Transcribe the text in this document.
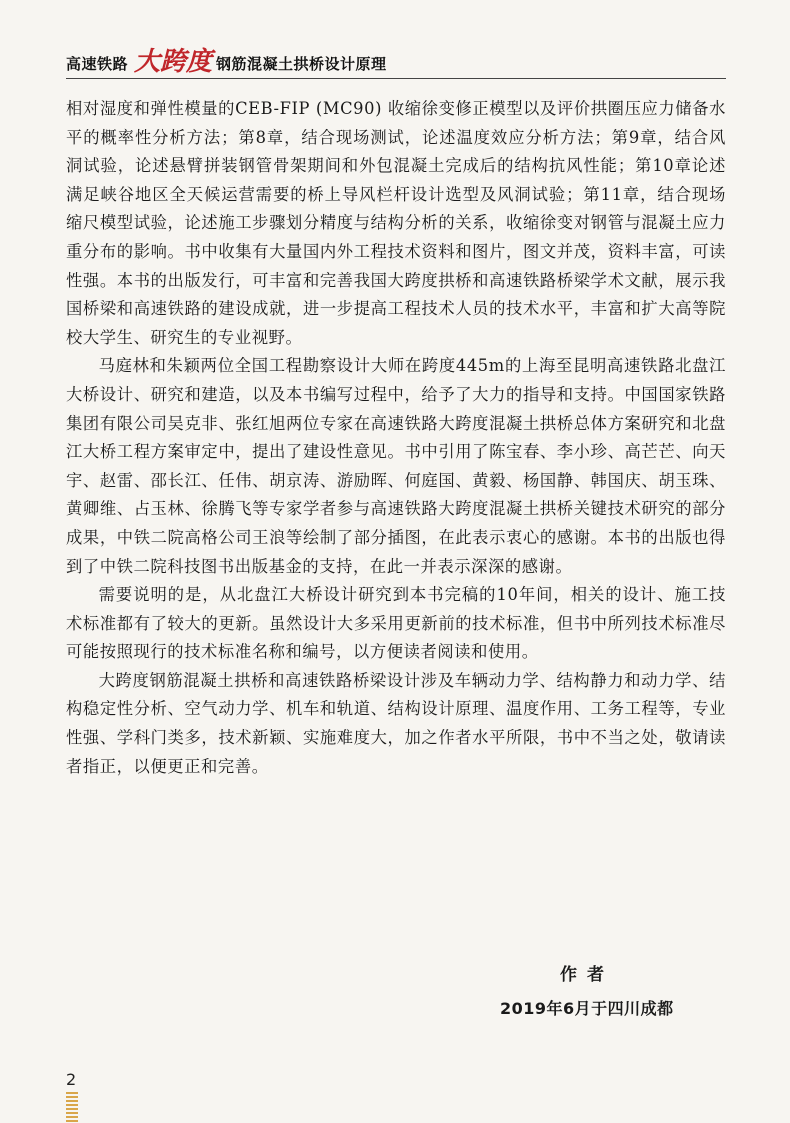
高速铁路 大跨度 钢筋混凝土拱桥设计原理

相对湿度和弹性模量的CEB-FIP (MC90) 收缩徐变修正模型以及评价拱圈压应力储备水平的概率性分析方法；第8章，结合现场测试，论述温度效应分析方法；第9章，结合风洞试验，论述悬臂拼装钢管骨架期间和外包混凝土完成后的结构抗风性能；第10章论述满足峡谷地区全天候运营需要的桥上导风栏杆设计选型及风洞试验；第11章，结合现场缩尺模型试验，论述施工步骤划分精度与结构分析的关系，收缩徐变对钢管与混凝土应力重分布的影响。书中收集有大量国内外工程技术资料和图片，图文并茂，资料丰富，可读性强。本书的出版发行，可丰富和完善我国大跨度拱桥和高速铁路桥梁学术文献，展示我国桥梁和高速铁路的建设成就，进一步提高工程技术人员的技术水平，丰富和扩大高等院校大学生、研究生的专业视野。

马庭林和朱颖两位全国工程勘察设计大师在跨度445m的上海至昆明高速铁路北盘江大桥设计、研究和建造，以及本书编写过程中，给予了大力的指导和支持。中国国家铁路集团有限公司吴克非、张红旭两位专家在高速铁路大跨度混凝土拱桥总体方案研究和北盘江大桥工程方案审定中，提出了建设性意见。书中引用了陈宝春、李小珍、高芒芒、向天宇、赵雷、邵长江、任伟、胡京涛、游励晖、何庭国、黄毅、杨国静、韩国庆、胡玉珠、黄卿维、占玉林、徐腾飞等专家学者参与高速铁路大跨度混凝土拱桥关键技术研究的部分成果，中铁二院高格公司王浪等绘制了部分插图，在此表示衷心的感谢。本书的出版也得到了中铁二院科技图书出版基金的支持，在此一并表示深深的感谢。

需要说明的是，从北盘江大桥设计研究到本书完稿的10年间，相关的设计、施工技术标准都有了较大的更新。虽然设计大多采用更新前的技术标准，但书中所列技术标准尽可能按照现行的技术标准名称和编号，以方便读者阅读和使用。

大跨度钢筋混凝土拱桥和高速铁路桥梁设计涉及车辆动力学、结构静力和动力学、结构稳定性分析、空气动力学、机车和轨道、结构设计原理、温度作用、工务工程等，专业性强、学科门类多，技术新颖、实施难度大，加之作者水平所限，书中不当之处，敬请读者指正，以便更正和完善。

作者
2019年6月于四川成都
2
